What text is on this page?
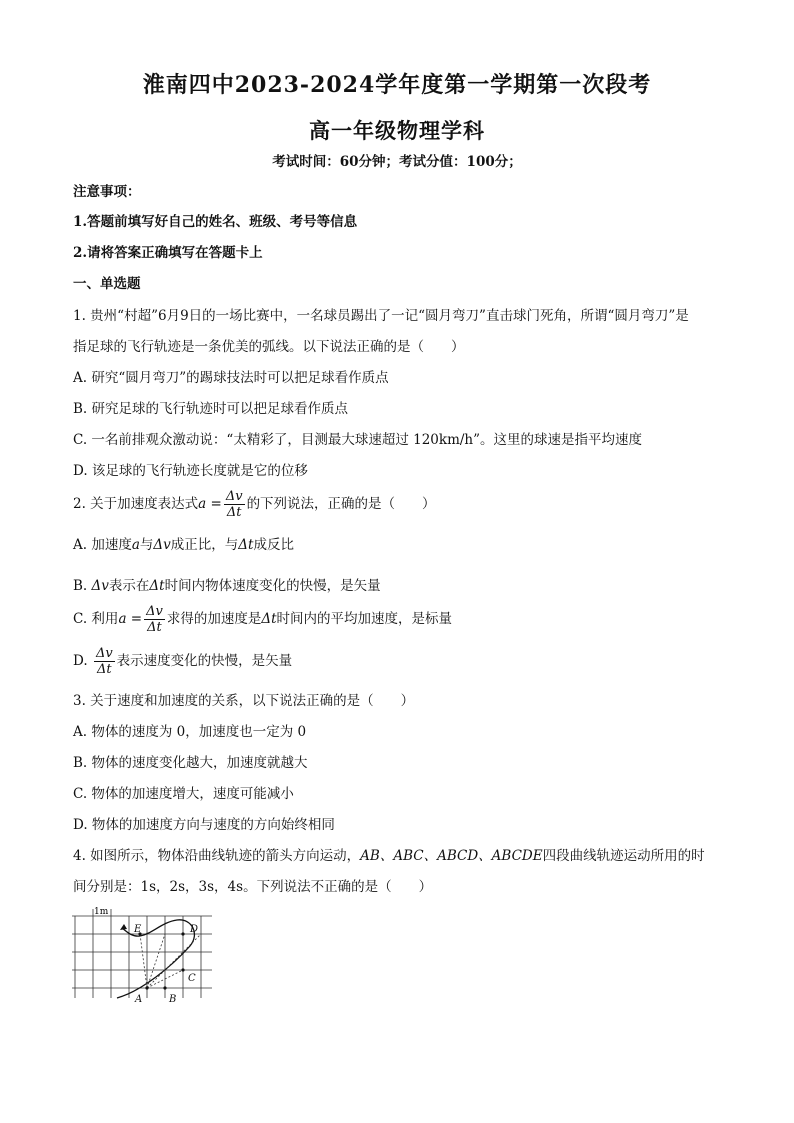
淮南四中2023-2024学年度第一学期第一次段考
高一年级物理学科
考试时间：60分钟；考试分值：100分；
注意事项：
1.答题前填写好自己的姓名、班级、考号等信息
2.请将答案正确填写在答题卡上
一、单选题
1. 贵州“村超”6月9日的一场比赛中，一名球员踢出了一记“圆月弯刀”直击球门死角，所谓“圆月弯刀”是
指足球的飞行轨迹是一条优美的弧线。以下说法正确的是（　　）
A. 研究“圆月弯刀”的踢球技法时可以把足球看作质点
B. 研究足球的飞行轨迹时可以把足球看作质点
C. 一名前排观众激动说：“太精彩了，目测最大球速超过 120km/h”。这里的球速是指平均速度
D. 该足球的飞行轨迹长度就是它的位移
2. 关于加速度表达式$a = \frac{\Delta v}{\Delta t}$ 的下列说法，正确的是（　　）
A. 加速度a与Δv成正比，与Δt成反比
B. Δv表示在Δt时间内物体速度变化的快慢，是矢量
C. 利用$a = \frac{\Delta v}{\Delta t}$ 求得的加速度是Δt时间内的平均加速度，是标量
D. $\frac{\Delta v}{\Delta t}$ 表示速度变化的快慢，是矢量
3. 关于速度和加速度的关系，以下说法正确的是（　　）
A. 物体的速度为 0，加速度也一定为 0
B. 物体的速度变化越大，加速度就越大
C. 物体的加速度增大，速度可能减小
D. 物体的加速度方向与速度的方向始终相同
4. 如图所示，物体沿曲线轨迹的箭头方向运动，AB、ABC、ABCD、ABCDE四段曲线轨迹运动所用的时
间分别是：1s，2s，3s，4s。下列说法不正确的是（　　）
1m
A	B
C
D
E
